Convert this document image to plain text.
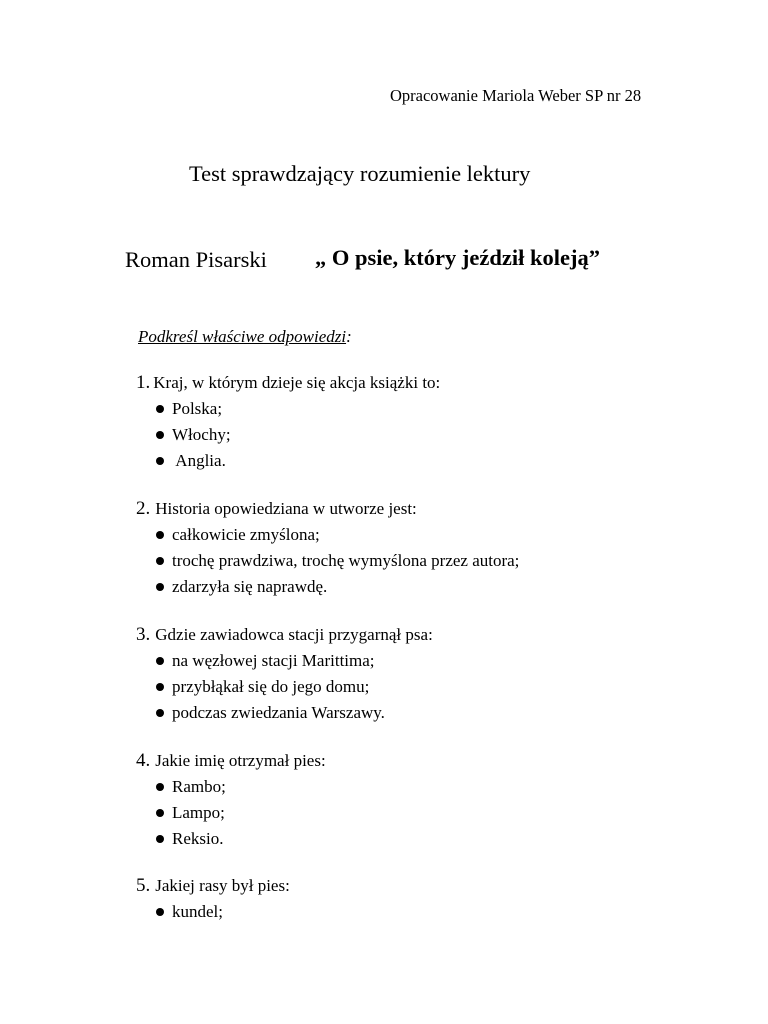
Opracowanie Mariola Weber SP nr 28
Test sprawdzający rozumienie lektury
Roman Pisarski „ O psie, który jeździł koleją”
Podkreśl właściwe odpowiedzi:
1. Kraj, w którym dzieje się akcja książki to:
Polska;
Włochy;
Anglia.
2. Historia opowiedziana w utworze jest:
całkowicie zmyślona;
trochę prawdziwa, trochę wymyślona przez autora;
zdarzyła się naprawdę.
3. Gdzie zawiadowca stacji przygarnął psa:
na węzłowej stacji Marittima;
przybłąkał się do jego domu;
podczas zwiedzania Warszawy.
4. Jakie imię otrzymał pies:
Rambo;
Lampo;
Reksio.
5. Jakiej rasy był pies:
kundel;
